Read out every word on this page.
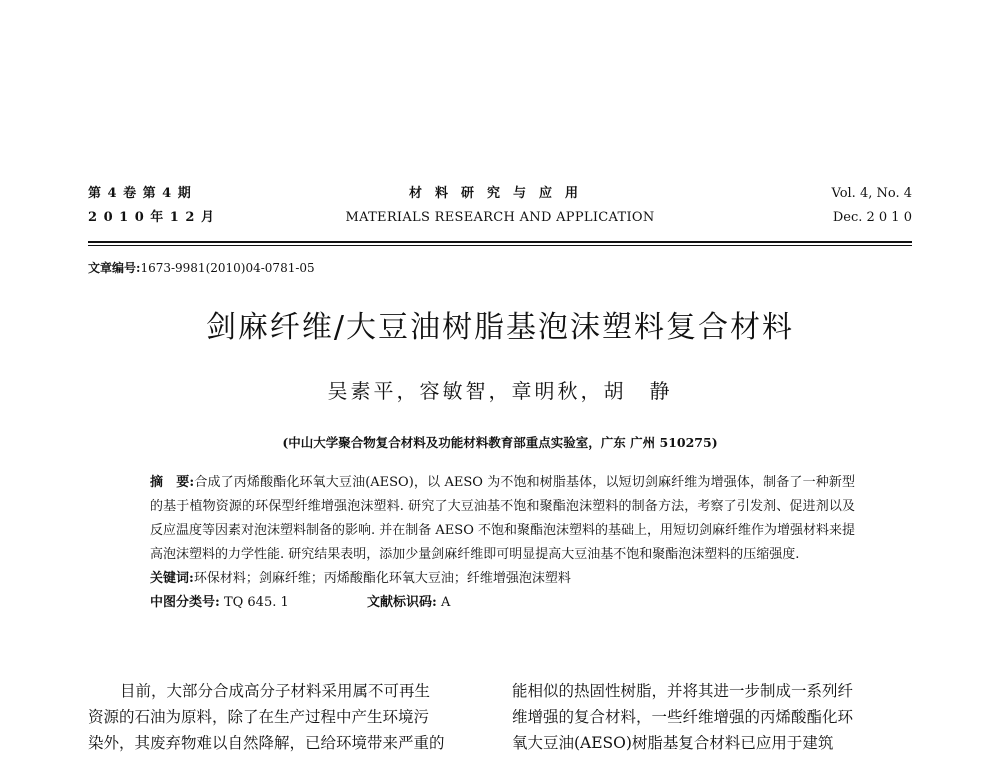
第 4 卷 第 4 期
2 0 1 0 年 1 2 月
材料研究与应用
MATERIALS RESEARCH AND APPLICATION
Vol. 4, No. 4
Dec. 2 0 1 0
文章编号:1673-9981(2010)04-0781-05
剑麻纤维/大豆油树脂基泡沫塑料复合材料
吴素平，容敏智，章明秋，胡　静
(中山大学聚合物复合材料及功能材料教育部重点实验室，广东 广州 510275)

摘　要:合成了丙烯酸酯化环氧大豆油(AESO)，以 AESO 为不饱和树脂基体，以短切剑麻纤维为增强体，制备了一种新型的基于植物资源的环保型纤维增强泡沫塑料. 研究了大豆油基不饱和聚酯泡沫塑料的制备方法，考察了引发剂、促进剂以及反应温度等因素对泡沫塑料制备的影响. 并在制备 AESO 不饱和聚酯泡沫塑料的基础上，用短切剑麻纤维作为增强材料来提高泡沫塑料的力学性能. 研究结果表明，添加少量剑麻纤维即可明显提高大豆油基不饱和聚酯泡沫塑料的压缩强度.

关键词:环保材料；剑麻纤维；丙烯酸酯化环氧大豆油；纤维增强泡沫塑料

中图分类号: TQ 645. 1	文献标识码: A

目前，大部分合成高分子材料采用属不可再生
资源的石油为原料，除了在生产过程中产生环境污
染外，其废弃物难以自然降解，已给环境带来严重的
能相似的热固性树脂，并将其进一步制成一系列纤
维增强的复合材料，一些纤维增强的丙烯酸酯化环
氧大豆油(AESO)树脂基复合材料已应用于建筑
